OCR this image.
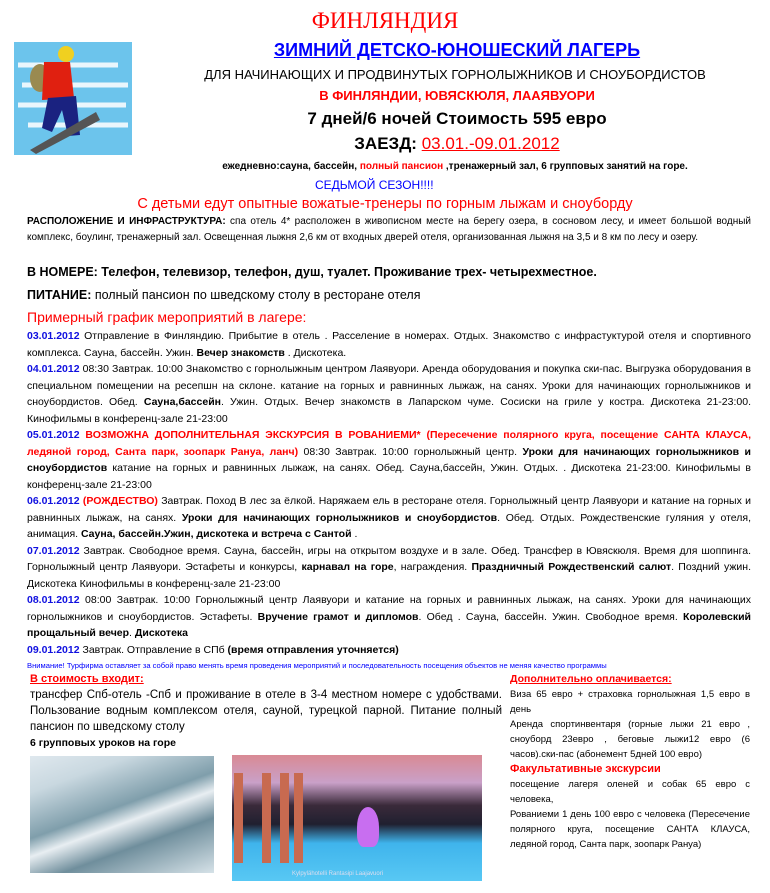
ФИНЛЯНДИЯ
ЗИМНИЙ ДЕТСКО-ЮНОШЕСКИЙ ЛАГЕРЬ
ДЛЯ НАЧИНАЮЩИХ И ПРОДВИНУТЫХ ГОРНОЛЫЖНИКОВ И СНОУБОРДИСТОВ
В ФИНЛЯНДИИ, ЮВЯСКЮЛЯ, ЛААЯВУОРИ
7 дней/6 ночей Стоимость 595 евро
ЗАЕЗД: 03.01.-09.01.2012
ежедневно:сауна, бассейн, полный пансион ,тренажерный зал, 6 групповых занятий на горе.
СЕДЬМОЙ СЕЗОН!!!!
С детьми едут опытные вожатые-тренеры по горным лыжам и сноуборду
РАСПОЛОЖЕНИЕ И ИНФРАСТРУКТУРА: спа отель 4* расположен в живописном месте на берегу озера, в сосновом лесу, и имеет большой водный комплекс, боулинг, тренажерный зал. Освещенная лыжня 2,6 км от входных дверей отеля, организованная лыжня на 3,5 и 8 км по лесу и озеру.
В НОМЕРЕ: Телефон, телевизор, телефон, душ, туалет. Проживание трех- четырехместное.
ПИТАНИЕ: полный пансион по шведскому столу в ресторане отеля
Примерный график мероприятий в лагере:
03.01.2012 Отправление в Финляндию. Прибытие в отель . Расселение в номерах. Отдых. Знакомство с инфрастуктурой отеля и спортивного комплекса. Сауна, бассейн. Ужин. Вечер знакомств . Дискотека.
04.01.2012 08:30 Завтрак. 10:00 Знакомство с горнолыжным центром Лаявуори. Аренда оборудования и покупка ски-пас. Выгрузка оборудования в специальном помещении на ресепшн на склоне. катание на горных и равнинных лыжаж, на санях. Уроки для начинающих горнолыжников и сноубордистов. Обед. Сауна,бассейн. Ужин. Отдых. Вечер знакомств в Лапарском чуме. Сосиски на гриле у костра. Дискотека 21-23:00. Кинофильмы в конференц-зале 21-23:00
05.01.2012 ВОЗМОЖНА ДОПОЛНИТЕЛЬНАЯ ЭКСКУРСИЯ В РОВАНИЕМИ* (Пересечение полярного круга, посещение САНТА КЛАУСА, ледяной город, Санта парк, зоопарк Рануа, ланч) 08:30 Завтрак. 10:00 горнолыжный центр. Уроки для начинающих горнолыжников и сноубордистов катание на горных и равнинных лыжаж, на санях. Обед. Сауна,бассейн, Ужин. Отдых. . Дискотека 21-23:00. Кинофильмы в конференц-зале 21-23:00
06.01.2012 (РОЖДЕСТВО) Завтрак. Поход В лес за ёлкой. Наряжаем ель в ресторане отеля. Горнолыжный центр Лаявуори и катание на горных и равнинных лыжаж, на санях. Уроки для начинающих горнолыжников и сноубордистов. Обед. Отдых. Рождественские гуляния у отеля, анимация. Сауна, бассейн.Ужин, дискотека и встреча с Сантой .
07.01.2012 Завтрак. Свободное время. Сауна, бассейн, игры на открытом воздухе и в зале. Обед. Трансфер в Ювяскюля. Время для шоппинга. Горнолыжный центр Лаявуори. Эстафеты и конкурсы, карнавал на горе, награждения. Праздничный Рождественский салют. Поздний ужин. Дискотека Кинофильмы в конференц-зале 21-23:00
08.01.2012 08:00 Завтрак. 10:00 Горнолыжный центр Лаявуори и катание на горных и равнинных лыжаж, на санях. Уроки для начинающих горнолыжников и сноубордистов. Эстафеты. Вручение грамот и дипломов. Обед . Сауна, бассейн. Ужин. Свободное время. Королевский прощальный вечер. Дискотека
09.01.2012 Завтрак. Отправление в СПб (время отправления уточняется)
Внимание! Турфирма оставляет за собой право менять время проведения мероприятий и последовательность посещения объектов не меняя качество программы
В стоимость входит:
трансфер Спб-отель -Спб и проживание в отеле в 3-4 местном номере с удобствами. Пользование водным комплексом отеля, сауной, турецкой парной. Питание полный пансион по шведскому столу
6 групповых уроков на горе
Kylpylähotelli Rantasipi Laajavuori
Дополнительно оплачивается:
Виза 65 евро + страховка горнолыжная 1,5 евро в день
Аренда спортинвентаря (горные лыжи 21 евро , сноуборд 23евро , беговые лыжи12 евро (6 часов).ски-пас (абонемент 5дней 100 евро)
Факультативные экскурсии
посещение лагеря оленей и собак 65 евро с человека,
Рованиеми 1 день 100 евро с человека (Пересечение полярного круга, посещение САНТА КЛАУСА, ледяной город, Санта парк, зоопарк Рануа)
